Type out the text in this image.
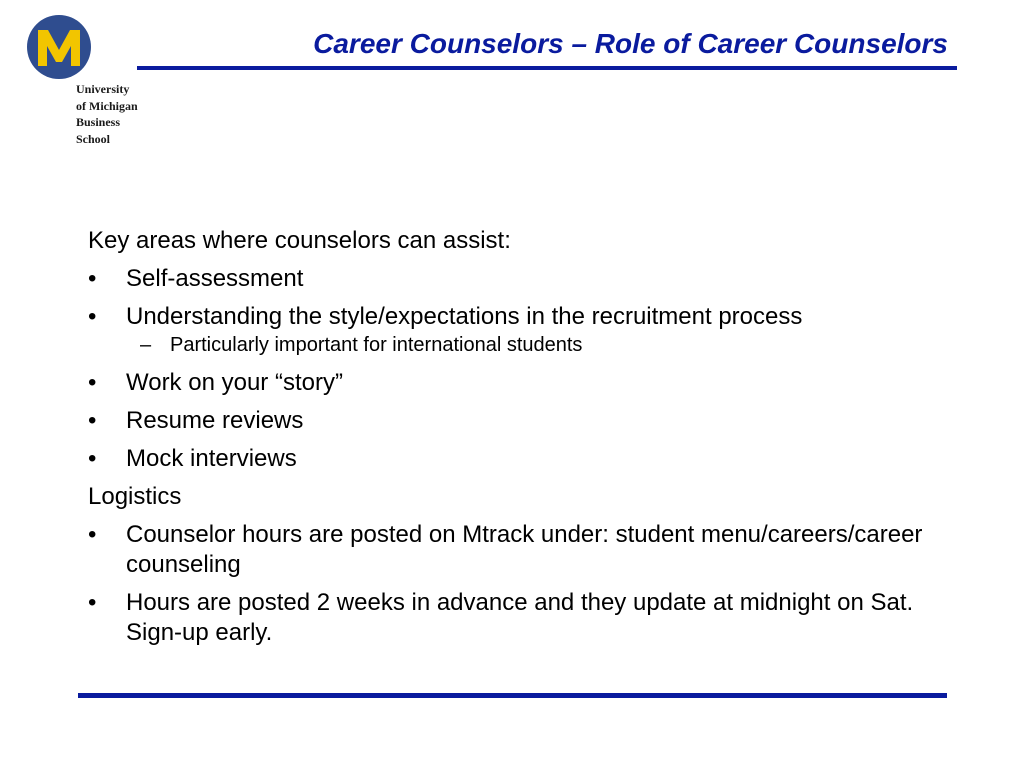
University
of Michigan
Business
School
Career Counselors – Role of Career Counselors
Key areas where counselors can assist:
•	Self-assessment
•	Understanding the style/expectations in the recruitment process
– Particularly important for international students
•	Work on your “story”
•	Resume reviews
•	Mock interviews
Logistics
•	Counselor hours are posted on Mtrack under: student menu/careers/career counseling
•	Hours are posted 2 weeks in advance and they update at midnight on Sat. Sign-up early.
